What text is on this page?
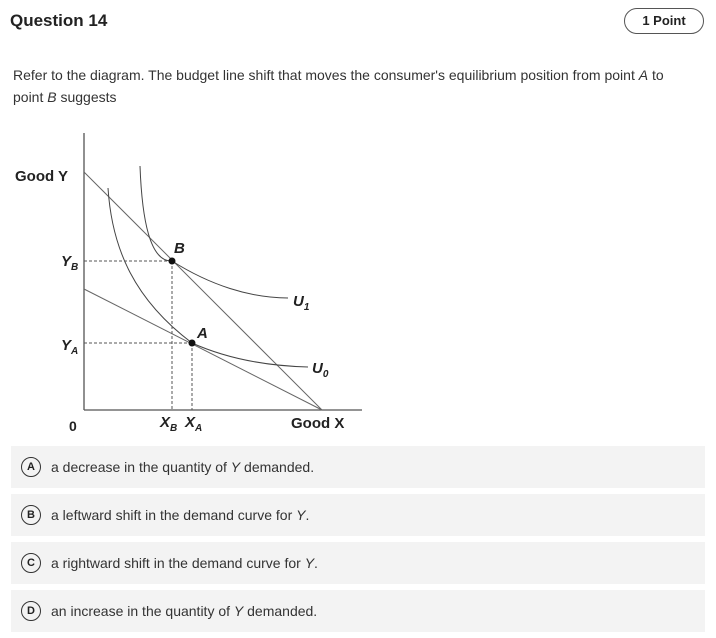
Question 14	1 Point
Refer to the diagram. The budget line shift that moves the consumer's equilibrium position from point A to point B suggests
Good Y
Good X
0
$Y_B$
$Y_A$
$X_B$ $X_A$
B
A
$U_1$
$U_0$
A	a decrease in the quantity of Y demanded.
B	a leftward shift in the demand curve for Y.
C	a rightward shift in the demand curve for Y.
D	an increase in the quantity of Y demanded.
